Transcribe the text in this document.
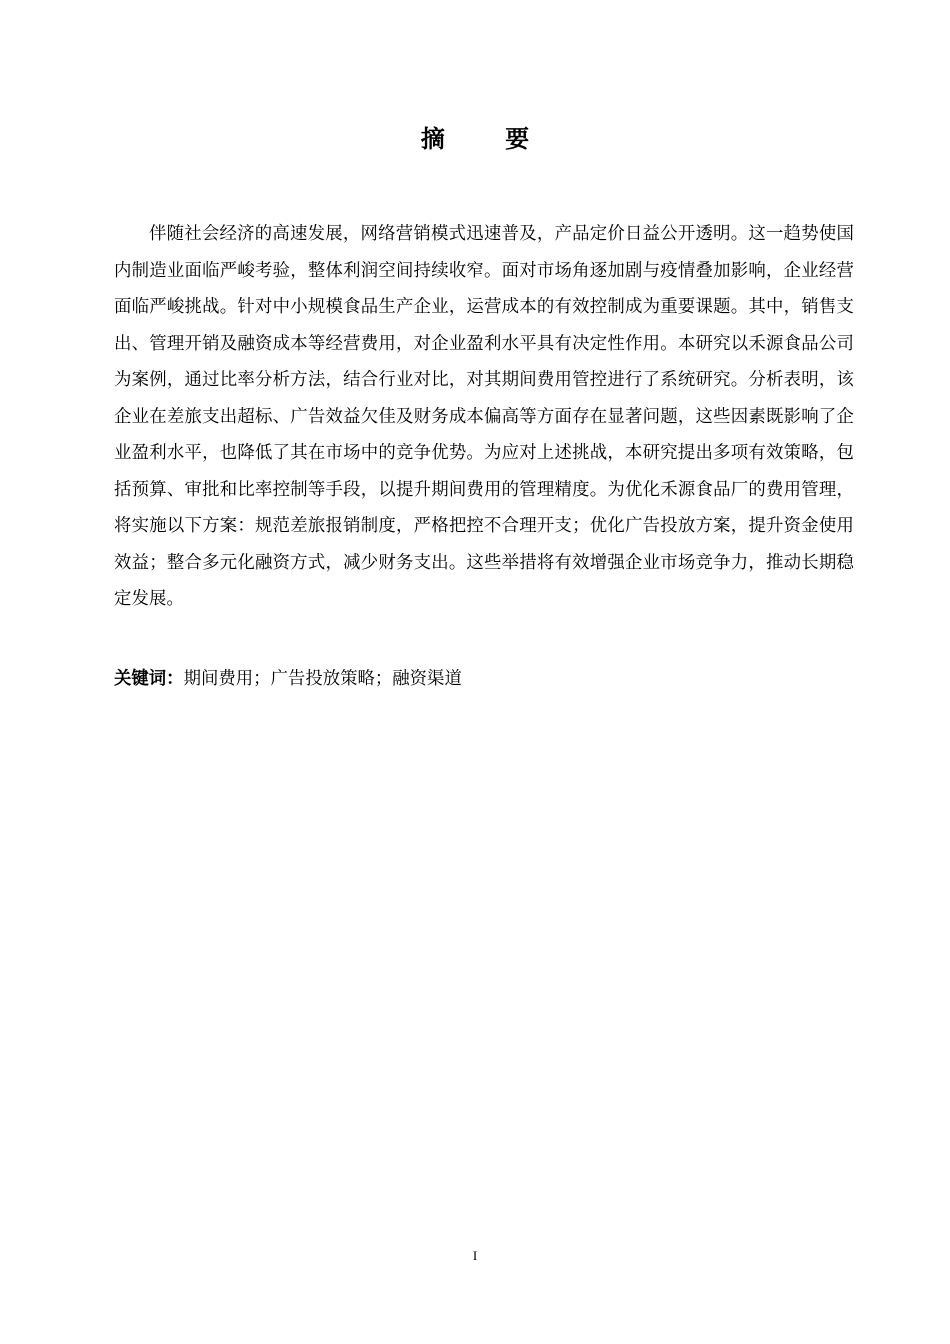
摘 要

伴随社会经济的高速发展，网络营销模式迅速普及，产品定价日益公开透明。这一趋势使国内制造业面临严峻考验，整体利润空间持续收窄。面对市场角逐加剧与疫情叠加影响，企业经营面临严峻挑战。针对中小规模食品生产企业，运营成本的有效控制成为重要课题。其中，销售支出、管理开销及融资成本等经营费用，对企业盈利水平具有决定性作用。本研究以禾源食品公司为案例，通过比率分析方法，结合行业对比，对其期间费用管控进行了系统研究。分析表明，该企业在差旅支出超标、广告效益欠佳及财务成本偏高等方面存在显著问题，这些因素既影响了企业盈利水平，也降低了其在市场中的竞争优势。为应对上述挑战，本研究提出多项有效策略，包括预算、审批和比率控制等手段，以提升期间费用的管理精度。为优化禾源食品厂的费用管理，将实施以下方案：规范差旅报销制度，严格把控不合理开支；优化广告投放方案，提升资金使用效益；整合多元化融资方式，减少财务支出。这些举措将有效增强企业市场竞争力，推动长期稳定发展。

关键词：期间费用；广告投放策略；融资渠道
I
